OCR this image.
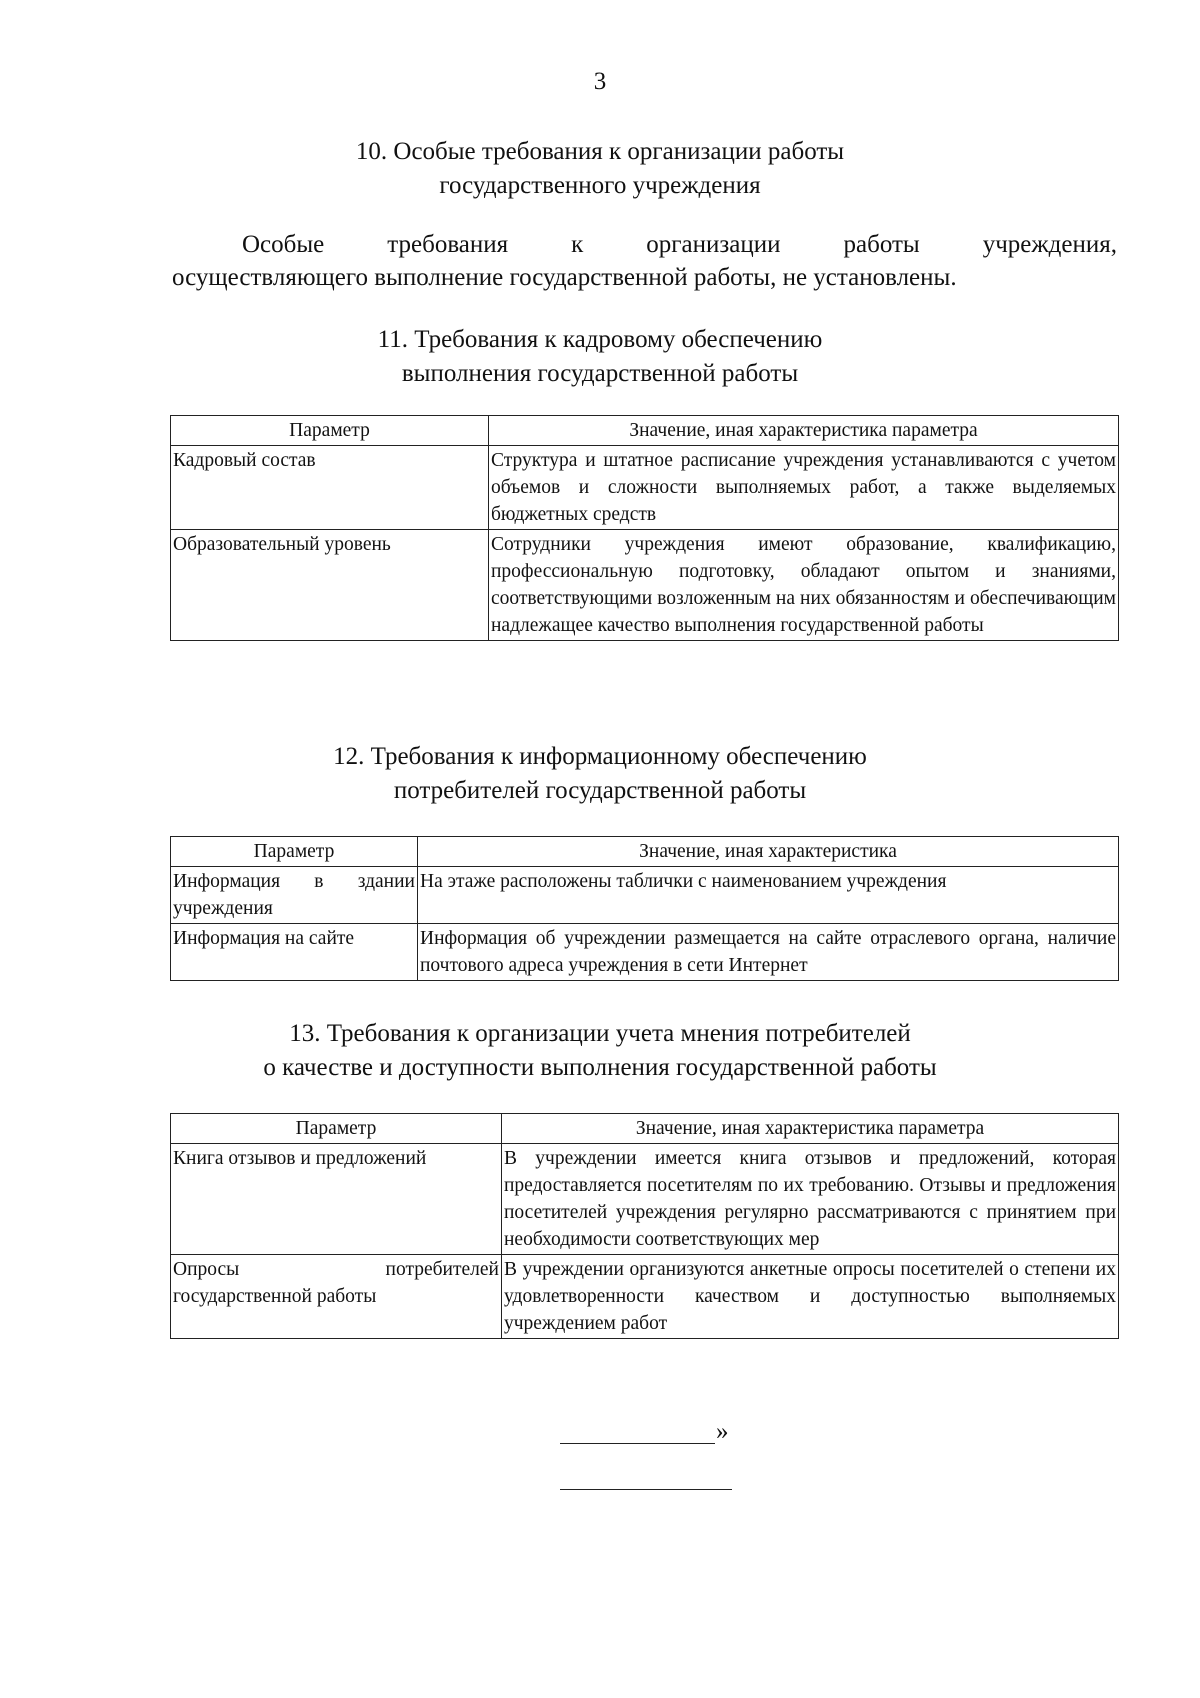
3
10. Особые требования к организации работы
государственного учреждения
Особые требования к организации работы учреждения,
осуществляющего выполнение государственной работы, не установлены.
11. Требования к кадровому обеспечению
выполнения государственной работы
Параметр	Значение, иная характеристика параметра
Кадровый состав	Структура и штатное расписание учреждения устанавливаются с учетом объемов и сложности выполняемых работ, а также выделяемых бюджетных средств
Образовательный уровень	Сотрудники учреждения имеют образование, квалификацию, профессиональную подготовку, обладают опытом и знаниями, соответствующими возложенным на них обязанностям и обеспечивающим надлежащее качество выполнения государственной работы
12. Требования к информационному обеспечению
потребителей государственной работы
Параметр	Значение, иная характеристика
Информация в здании учреждения	На этаже расположены таблички с наименованием учреждения
Информация на сайте	Информация об учреждении размещается на сайте отраслевого органа, наличие почтового адреса учреждения в сети Интернет
13. Требования к организации учета мнения потребителей
о качестве и доступности выполнения государственной работы
Параметр	Значение, иная характеристика параметра
Книга отзывов и предложений	В учреждении имеется книга отзывов и предложений, которая предоставляется посетителям по их требованию. Отзывы и предложения посетителей учреждения регулярно рассматриваются с принятием при необходимости соответствующих мер
Опросы потребителей государственной работы	В учреждении организуются анкетные опросы посетителей о степени их удовлетворенности качеством и доступностью выполняемых учреждением работ
»
